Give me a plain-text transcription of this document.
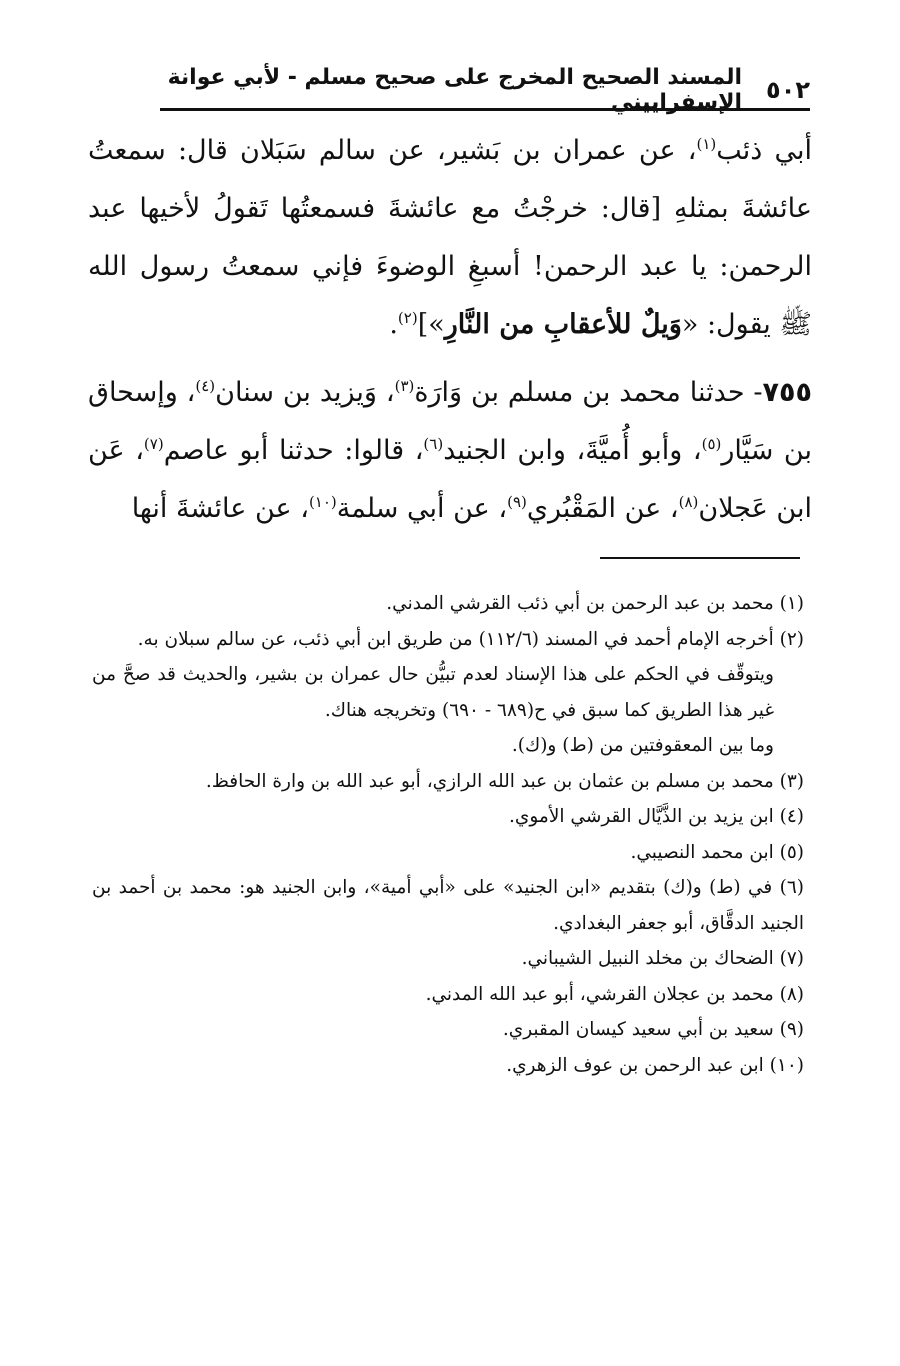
٥٠٢
المسند الصحيح المخرج على صحيح مسلم - لأبي عوانة الإسفراييني

أبي ذئب$^{(١)}$، عن عمران بن بَشير، عن سالم سَبَلان قال: سمعتُ عائشةَ بمثلهِ [قال: خرجْتُ مع عائشةَ فسمعتُها تَقولُ لأخيها عبد الرحمن: يا عبد الرحمن! أسبغِ الوضوءَ فإني سمعتُ رسول الله ﷺ يقول: «وَيلٌ للأعقابِ من النَّارِ»]$^{(٢)}$.

٧٥٥- حدثنا محمد بن مسلم بن وَارَة$^{(٣)}$، وَيزيد بن سنان$^{(٤)}$، وإسحاق بن سَيَّار$^{(٥)}$، وأبو أُميَّةَ، وابن الجنيد$^{(٦)}$، قالوا: حدثنا أبو عاصم$^{(٧)}$، عَن ابن عَجلان$^{(٨)}$، عن المَقْبُري$^{(٩)}$، عن أبي سلمة$^{(١٠)}$، عن عائشةَ أنها

(١) محمد بن عبد الرحمن بن أبي ذئب القرشي المدني.

(٢) أخرجه الإمام أحمد في المسند (١١٢/٦) من طريق ابن أبي ذئب، عن سالم سبلان به.

ويتوقّف في الحكم على هذا الإسناد لعدم تبيُّن حال عمران بن بشير، والحديث قد صحَّ من غير هذا الطريق كما سبق في ح(٦٨٩ - ٦٩٠) وتخريجه هناك.

وما بين المعقوفتين من (ط) و(ك).

(٣) محمد بن مسلم بن عثمان بن عبد الله الرازي، أبو عبد الله بن وارة الحافظ.

(٤) ابن يزيد بن الذَّيَّال القرشي الأموي.

(٥) ابن محمد النصيبي.

(٦) في (ط) و(ك) بتقديم «ابن الجنيد» على «أبي أمية»، وابن الجنيد هو: محمد بن أحمد بن الجنيد الدقَّاق، أبو جعفر البغدادي.

(٧) الضحاك بن مخلد النبيل الشيباني.

(٨) محمد بن عجلان القرشي، أبو عبد الله المدني.

(٩) سعيد بن أبي سعيد كيسان المقبري.

(١٠) ابن عبد الرحمن بن عوف الزهري.
